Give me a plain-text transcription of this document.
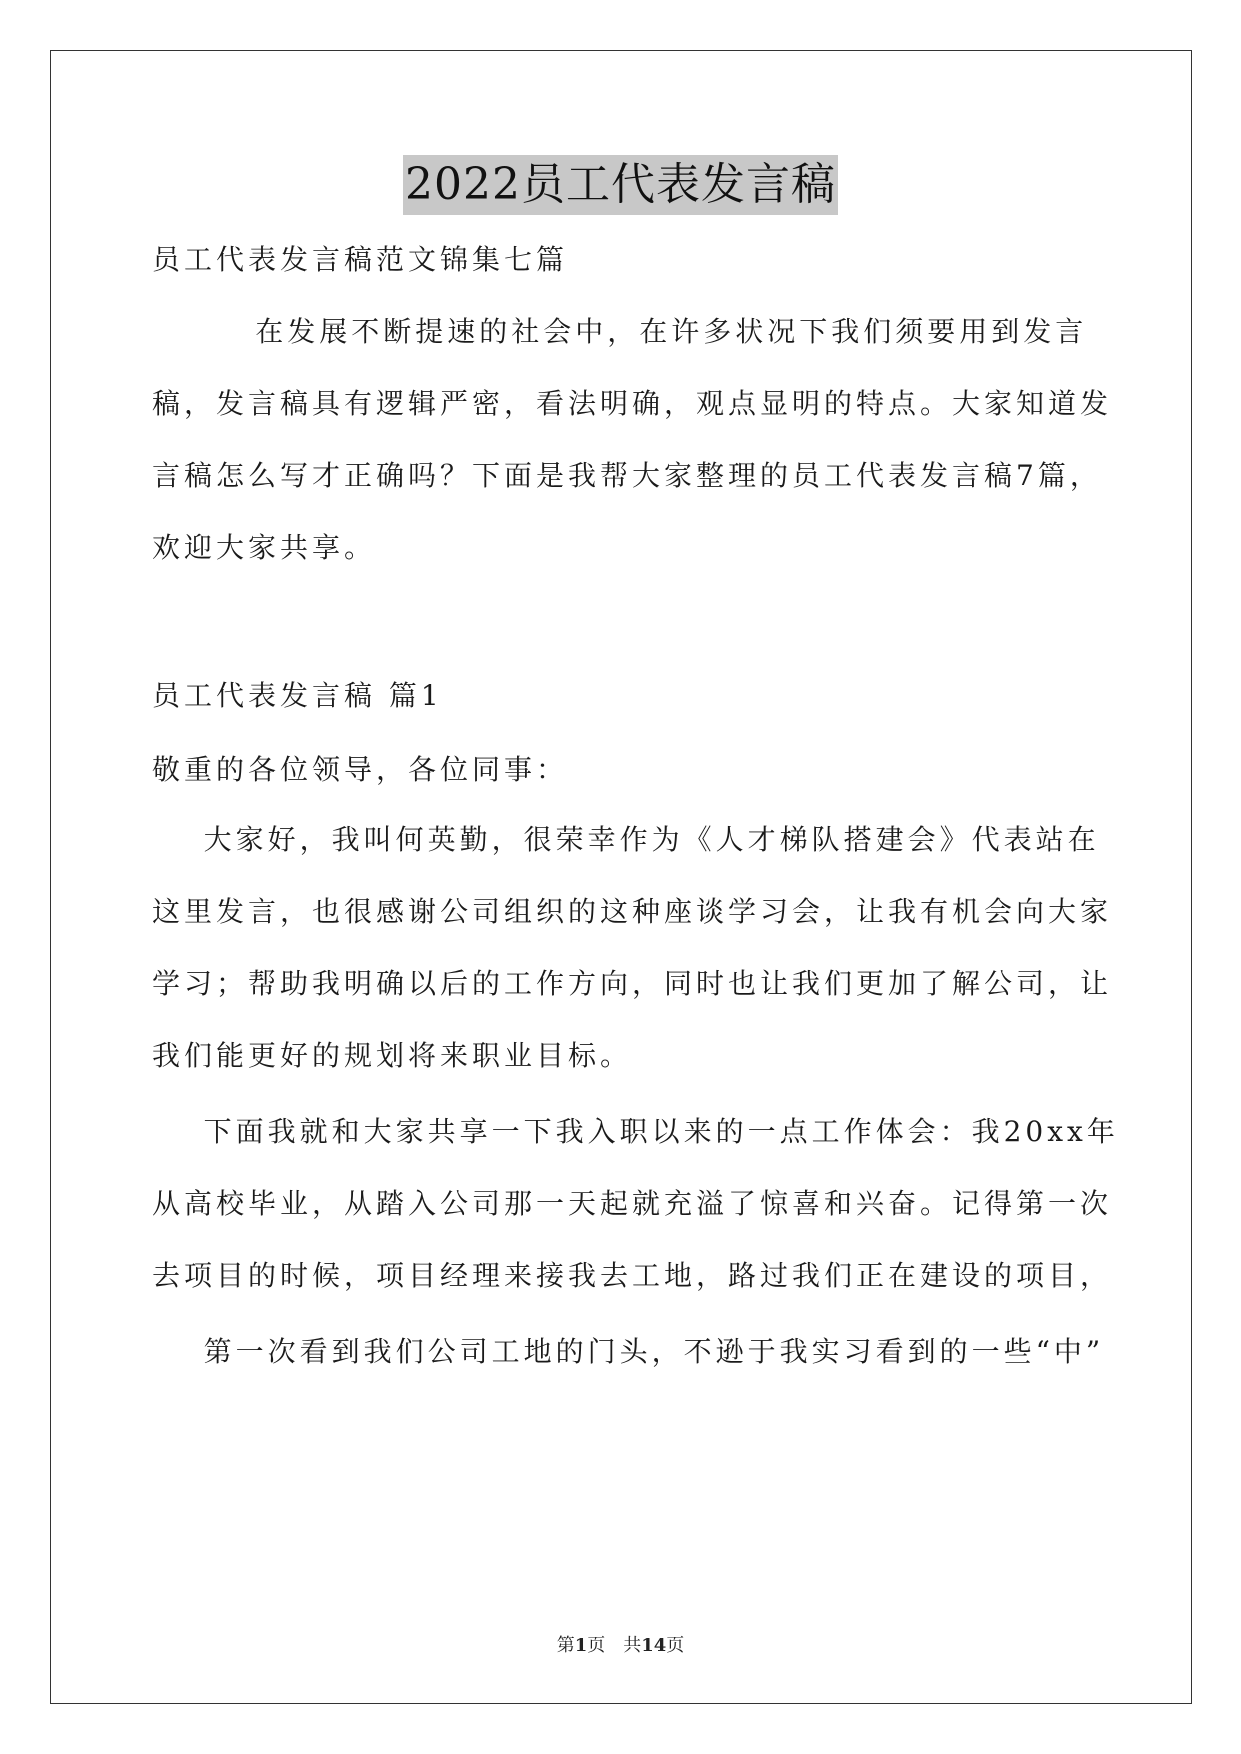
2022员工代表发言稿
员工代表发言稿范文锦集七篇
在发展不断提速的社会中，在许多状况下我们须要用到发言
稿，发言稿具有逻辑严密，看法明确，观点显明的特点。大家知道发
言稿怎么写才正确吗？下面是我帮大家整理的员工代表发言稿7篇，
欢迎大家共享。
员工代表发言稿 篇1
敬重的各位领导，各位同事：
大家好，我叫何英勤，很荣幸作为《人才梯队搭建会》代表站在
这里发言，也很感谢公司组织的这种座谈学习会，让我有机会向大家
学习；帮助我明确以后的工作方向，同时也让我们更加了解公司，让
我们能更好的规划将来职业目标。
下面我就和大家共享一下我入职以来的一点工作体会：我20xx年
从高校毕业，从踏入公司那一天起就充溢了惊喜和兴奋。记得第一次
去项目的时候，项目经理来接我去工地，路过我们正在建设的项目，
第一次看到我们公司工地的门头，不逊于我实习看到的一些“中”
第1页　共14页
